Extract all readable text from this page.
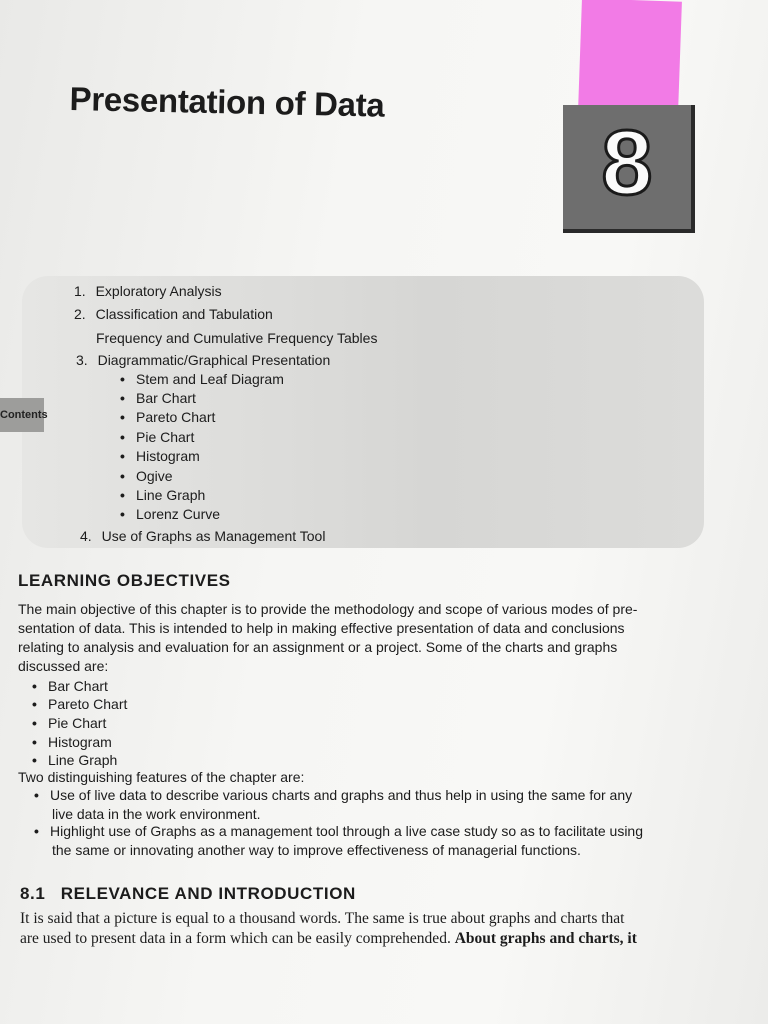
Presentation of Data
8
Contents
1. Exploratory Analysis
2. Classification and Tabulation
Frequency and Cumulative Frequency Tables
3. Diagrammatic/Graphical Presentation
• Stem and Leaf Diagram
• Bar Chart
• Pareto Chart
• Pie Chart
• Histogram
• Ogive
• Line Graph
• Lorenz Curve
4. Use of Graphs as Management Tool
LEARNING OBJECTIVES
The main objective of this chapter is to provide the methodology and scope of various modes of pre-
sentation of data. This is intended to help in making effective presentation of data and conclusions
relating to analysis and evaluation for an assignment or a project. Some of the charts and graphs
discussed are:
• Bar Chart
• Pareto Chart
• Pie Chart
• Histogram
• Line Graph
Two distinguishing features of the chapter are:
• Use of live data to describe various charts and graphs and thus help in using the same for any
live data in the work environment.
• Highlight use of Graphs as a management tool through a live case study so as to facilitate using
the same or innovating another way to improve effectiveness of managerial functions.
8.1 RELEVANCE AND INTRODUCTION
It is said that a picture is equal to a thousand words. The same is true about graphs and charts that
are used to present data in a form which can be easily comprehended. About graphs and charts, it
